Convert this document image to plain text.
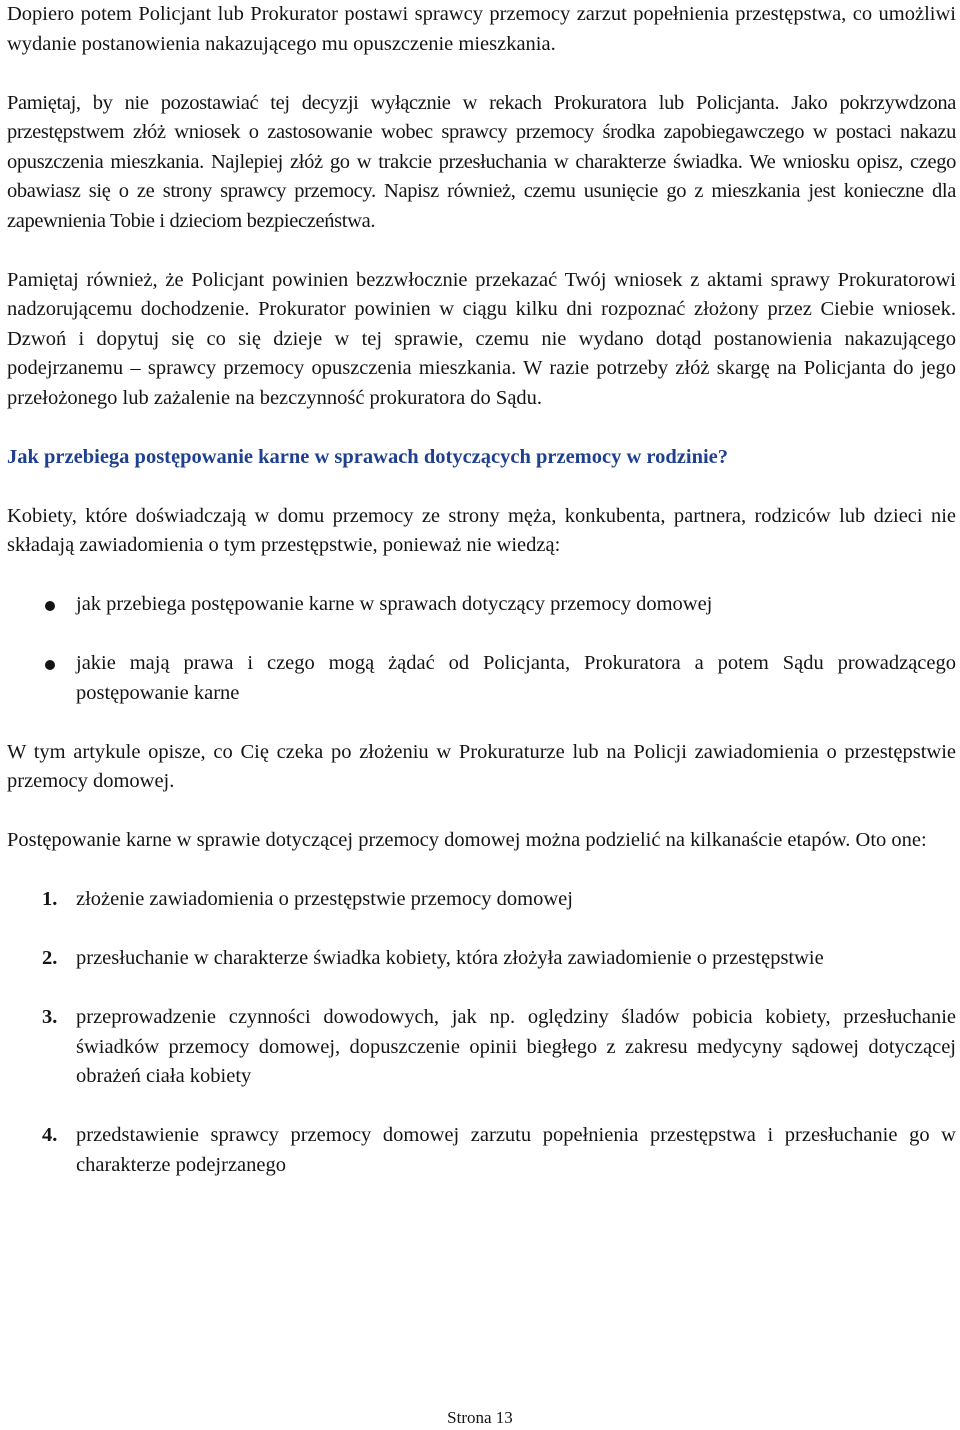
Dopiero potem Policjant lub Prokurator postawi sprawcy przemocy zarzut popełnienia przestępstwa, co umożliwi wydanie postanowienia nakazującego mu opuszczenie mieszkania.

Pamiętaj, by nie pozostawiać tej decyzji wyłącznie w rekach Prokuratora lub Policjanta. Jako pokrzywdzona przestępstwem złóż wniosek o zastosowanie wobec sprawcy przemocy środka zapobiegawczego w postaci nakazu opuszczenia mieszkania. Najlepiej złóż go w trakcie przesłuchania w charakterze świadka. We wniosku opisz, czego obawiasz się o ze strony sprawcy przemocy. Napisz również, czemu usunięcie go z mieszkania jest konieczne dla zapewnienia Tobie i dzieciom bezpieczeństwa.

Pamiętaj również, że Policjant powinien bezzwłocznie przekazać Twój wniosek z aktami sprawy Prokuratorowi nadzorującemu dochodzenie. Prokurator powinien w ciągu kilku dni rozpoznać złożony przez Ciebie wniosek. Dzwoń i dopytuj się co się dzieje w tej sprawie, czemu nie wydano dotąd postanowienia nakazującego podejrzanemu – sprawcy przemocy opuszczenia mieszkania. W razie potrzeby złóż skargę na Policjanta do jego przełożonego lub zażalenie na bezczynność prokuratora do Sądu.

Jak przebiega postępowanie karne w sprawach dotyczących przemocy w rodzinie?

Kobiety, które doświadczają w domu przemocy ze strony męża, konkubenta, partnera, rodziców lub dzieci nie składają zawiadomienia o tym przestępstwie, ponieważ nie wiedzą:

jak przebiega postępowanie karne w sprawach dotyczący przemocy domowej
jakie mają prawa i czego mogą żądać od Policjanta, Prokuratora a potem Sądu prowadzącego postępowanie karne

W tym artykule opisze, co Cię czeka po złożeniu w Prokuraturze lub na Policji zawiadomienia o przestępstwie przemocy domowej.

Postępowanie karne w sprawie dotyczącej przemocy domowej można podzielić na kilkanaście etapów. Oto one:

1. złożenie zawiadomienia o przestępstwie przemocy domowej
2. przesłuchanie w charakterze świadka kobiety, która złożyła zawiadomienie o przestępstwie
3. przeprowadzenie czynności dowodowych, jak np. oględziny śladów pobicia kobiety, przesłuchanie świadków przemocy domowej, dopuszczenie opinii biegłego z zakresu medycyny sądowej dotyczącej obrażeń ciała kobiety
4. przedstawienie sprawcy przemocy domowej zarzutu popełnienia przestępstwa i przesłuchanie go w charakterze podejrzanego
Strona 13
